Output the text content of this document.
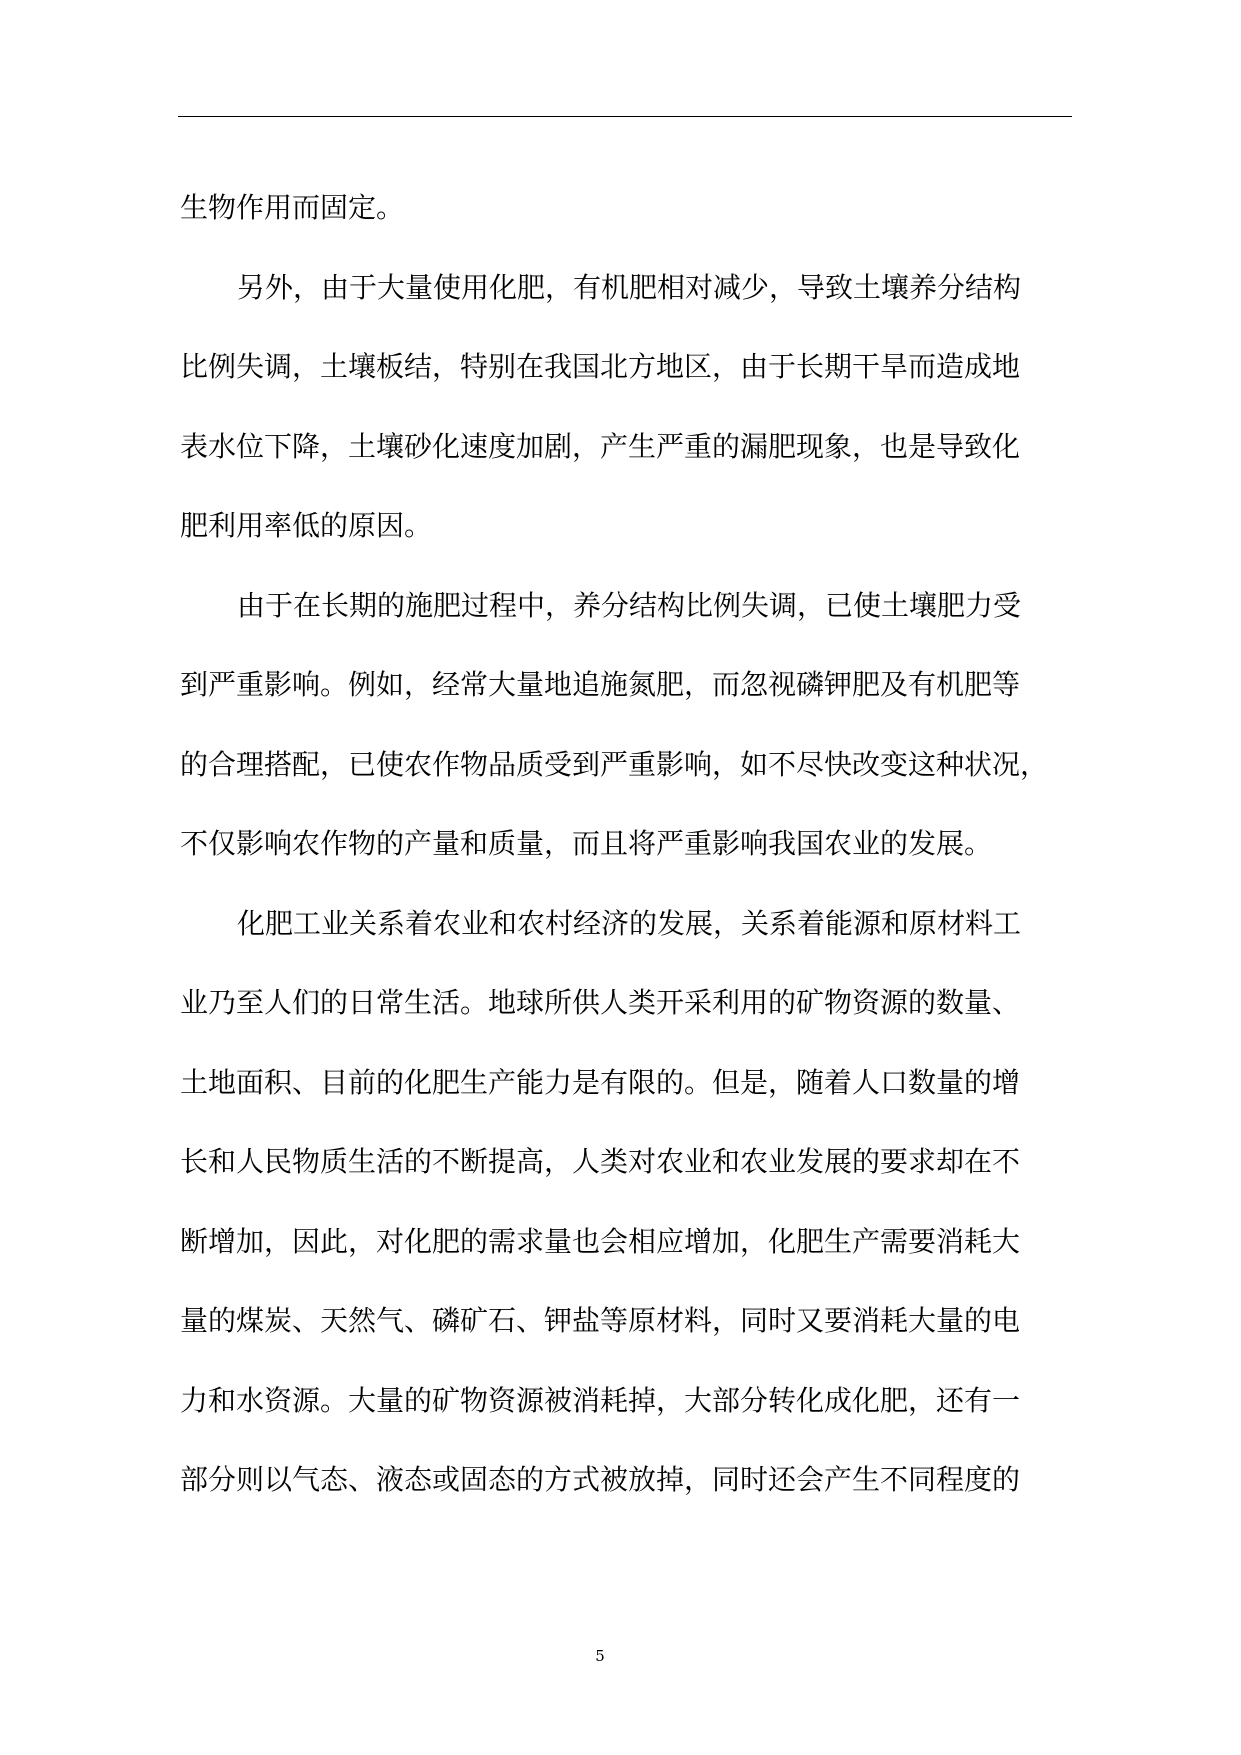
生物作用而固定。
另外，由于大量使用化肥，有机肥相对减少，导致土壤养分结构
比例失调，土壤板结，特别在我国北方地区，由于长期干旱而造成地
表水位下降，土壤砂化速度加剧，产生严重的漏肥现象，也是导致化
肥利用率低的原因。
由于在长期的施肥过程中，养分结构比例失调，已使土壤肥力受
到严重影响。例如，经常大量地追施氮肥，而忽视磷钾肥及有机肥等
的合理搭配，已使农作物品质受到严重影响，如不尽快改变这种状况，
不仅影响农作物的产量和质量，而且将严重影响我国农业的发展。
化肥工业关系着农业和农村经济的发展，关系着能源和原材料工
业乃至人们的日常生活。地球所供人类开采利用的矿物资源的数量、
土地面积、目前的化肥生产能力是有限的。但是，随着人口数量的增
长和人民物质生活的不断提高，人类对农业和农业发展的要求却在不
断增加，因此，对化肥的需求量也会相应增加，化肥生产需要消耗大
量的煤炭、天然气、磷矿石、钾盐等原材料，同时又要消耗大量的电
力和水资源。大量的矿物资源被消耗掉，大部分转化成化肥，还有一
部分则以气态、液态或固态的方式被放掉，同时还会产生不同程度的
5
